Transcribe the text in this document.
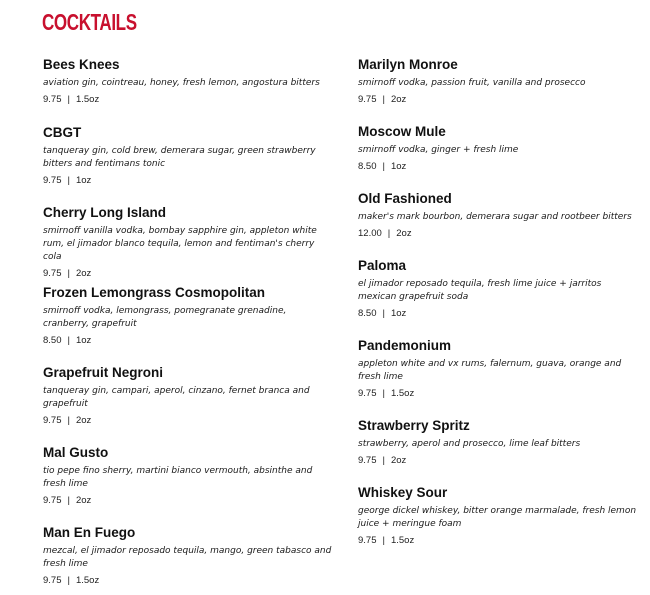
COCKTAILS
Bees Knees
aviation gin, cointreau, honey, fresh lemon, angostura bitters
9.75 | 1.5oz
CBGT
tanqueray gin, cold brew, demerara sugar, green strawberry bitters and fentimans tonic
9.75 | 1oz
Cherry Long Island
smirnoff vanilla vodka, bombay sapphire gin, appleton white rum, el jimador blanco tequila, lemon and fentiman's cherry cola
9.75 | 2oz
Frozen Lemongrass Cosmopolitan
smirnoff vodka, lemongrass, pomegranate grenadine, cranberry, grapefruit
8.50 | 1oz
Grapefruit Negroni
tanqueray gin, campari, aperol, cinzano, fernet branca and grapefruit
9.75 | 2oz
Mal Gusto
tio pepe fino sherry, martini bianco vermouth, absinthe and fresh lime
9.75 | 2oz
Man En Fuego
mezcal, el jimador reposado tequila, mango, green tabasco and fresh lime
9.75 | 1.5oz
Marilyn Monroe
smirnoff vodka, passion fruit, vanilla and prosecco
9.75 | 2oz
Moscow Mule
smirnoff vodka, ginger + fresh lime
8.50 | 1oz
Old Fashioned
maker's mark bourbon, demerara sugar and rootbeer bitters
12.00 | 2oz
Paloma
el jimador reposado tequila, fresh lime juice + jarritos mexican grapefruit soda
8.50 | 1oz
Pandemonium
appleton white and vx rums, falernum, guava, orange and fresh lime
9.75 | 1.5oz
Strawberry Spritz
strawberry, aperol and prosecco, lime leaf bitters
9.75 | 2oz
Whiskey Sour
george dickel whiskey, bitter orange marmalade, fresh lemon juice + meringue foam
9.75 | 1.5oz
